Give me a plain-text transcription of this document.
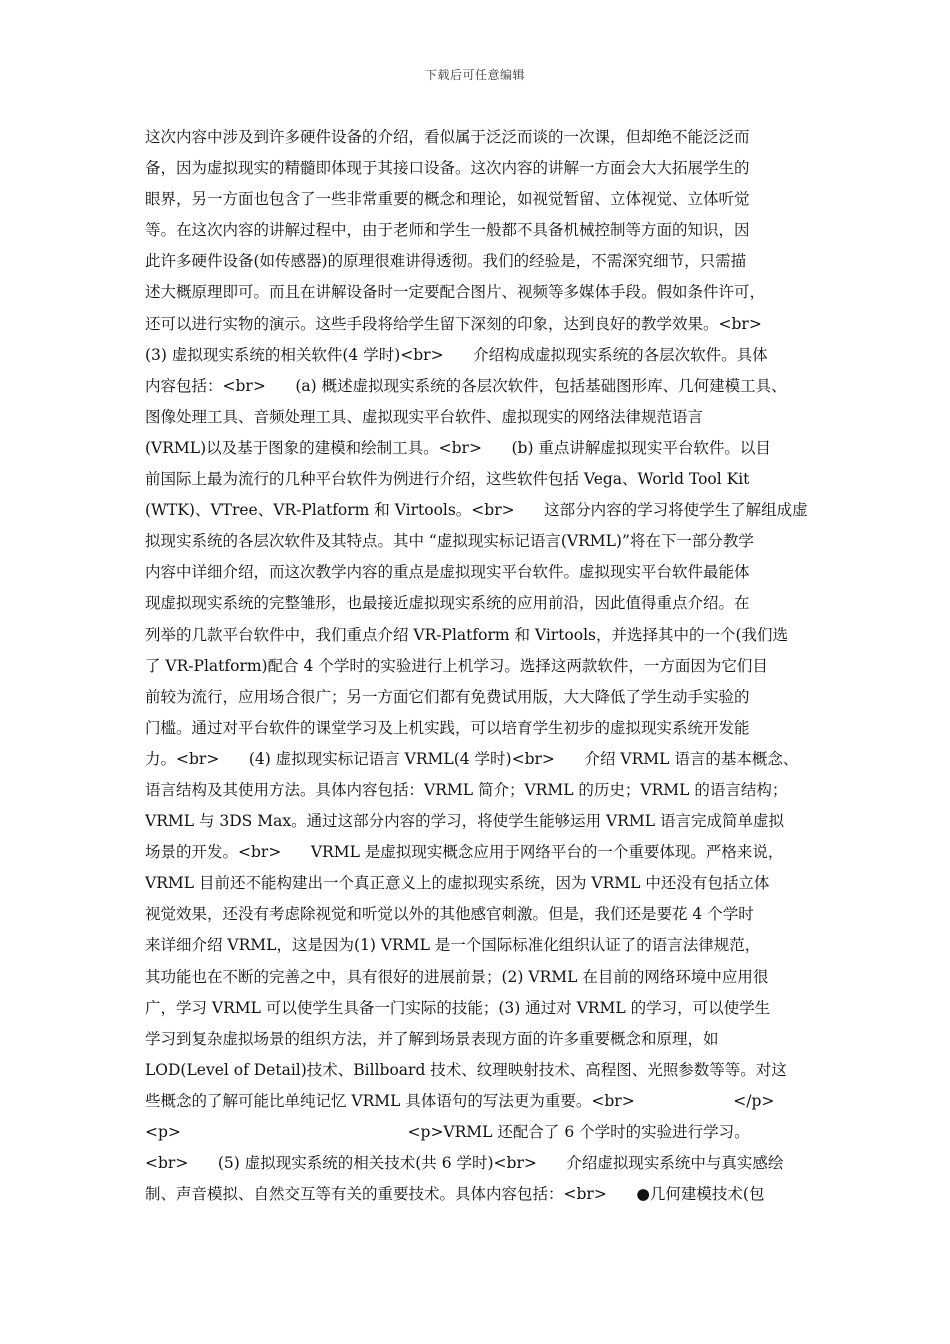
下载后可任意编辑
这次内容中涉及到许多硬件设备的介绍，看似属于泛泛而谈的一次课，但却绝不能泛泛而
备，因为虚拟现实的精髓即体现于其接口设备。这次内容的讲解一方面会大大拓展学生的
眼界，另一方面也包含了一些非常重要的概念和理论，如视觉暂留、立体视觉、立体听觉
等。在这次内容的讲解过程中，由于老师和学生一般都不具备机械控制等方面的知识，因
此许多硬件设备(如传感器)的原理很难讲得透彻。我们的经验是，不需深究细节，只需描
述大概原理即可。而且在讲解设备时一定要配合图片、视频等多媒体手段。假如条件许可，
还可以进行实物的演示。这些手段将给学生留下深刻的印象，达到良好的教学效果。<br>
(3) 虚拟现实系统的相关软件(4 学时)<br>      介绍构成虚拟现实系统的各层次软件。具体
内容包括：<br>      (a) 概述虚拟现实系统的各层次软件，包括基础图形库、几何建模工具、
图像处理工具、音频处理工具、虚拟现实平台软件、虚拟现实的网络法律规范语言
(VRML)以及基于图象的建模和绘制工具。<br>      (b) 重点讲解虚拟现实平台软件。以目
前国际上最为流行的几种平台软件为例进行介绍，这些软件包括 Vega、World Tool Kit
(WTK)、VTree、VR-Platform 和 Virtools。<br>      这部分内容的学习将使学生了解组成虚
拟现实系统的各层次软件及其特点。其中 “虚拟现实标记语言(VRML)”将在下一部分教学
内容中详细介绍，而这次教学内容的重点是虚拟现实平台软件。虚拟现实平台软件最能体
现虚拟现实系统的完整雏形，也最接近虚拟现实系统的应用前沿，因此值得重点介绍。在
列举的几款平台软件中，我们重点介绍 VR-Platform 和 Virtools，并选择其中的一个(我们选
了 VR-Platform)配合 4 个学时的实验进行上机学习。选择这两款软件，一方面因为它们目
前较为流行，应用场合很广；另一方面它们都有免费试用版，大大降低了学生动手实验的
门槛。通过对平台软件的课堂学习及上机实践，可以培育学生初步的虚拟现实系统开发能
力。<br>      (4) 虚拟现实标记语言 VRML(4 学时)<br>      介绍 VRML 语言的基本概念、
语言结构及其使用方法。具体内容包括：VRML 简介；VRML 的历史；VRML 的语言结构；
VRML 与 3DS Max。通过这部分内容的学习，将使学生能够运用 VRML 语言完成简单虚拟
场景的开发。<br>      VRML 是虚拟现实概念应用于网络平台的一个重要体现。严格来说，
VRML 目前还不能构建出一个真正意义上的虚拟现实系统，因为 VRML 中还没有包括立体
视觉效果，还没有考虑除视觉和听觉以外的其他感官刺激。但是，我们还是要花 4 个学时
来详细介绍 VRML，这是因为(1) VRML 是一个国际标准化组织认证了的语言法律规范，
其功能也在不断的完善之中，具有很好的进展前景；(2) VRML 在目前的网络环境中应用很
广，学习 VRML 可以使学生具备一门实际的技能；(3) 通过对 VRML 的学习，可以使学生
学习到复杂虚拟场景的组织方法，并了解到场景表现方面的许多重要概念和原理，如
LOD(Level of Detail)技术、Billboard 技术、纹理映射技术、高程图、光照参数等等。对这
些概念的了解可能比单纯记忆 VRML 具体语句的写法更为重要。<br>                    </p>
<p>                                              <p>VRML 还配合了 6 个学时的实验进行学习。
<br>      (5) 虚拟现实系统的相关技术(共 6 学时)<br>      介绍虚拟现实系统中与真实感绘
制、声音模拟、自然交互等有关的重要技术。具体内容包括：<br>      ●几何建模技术(包
